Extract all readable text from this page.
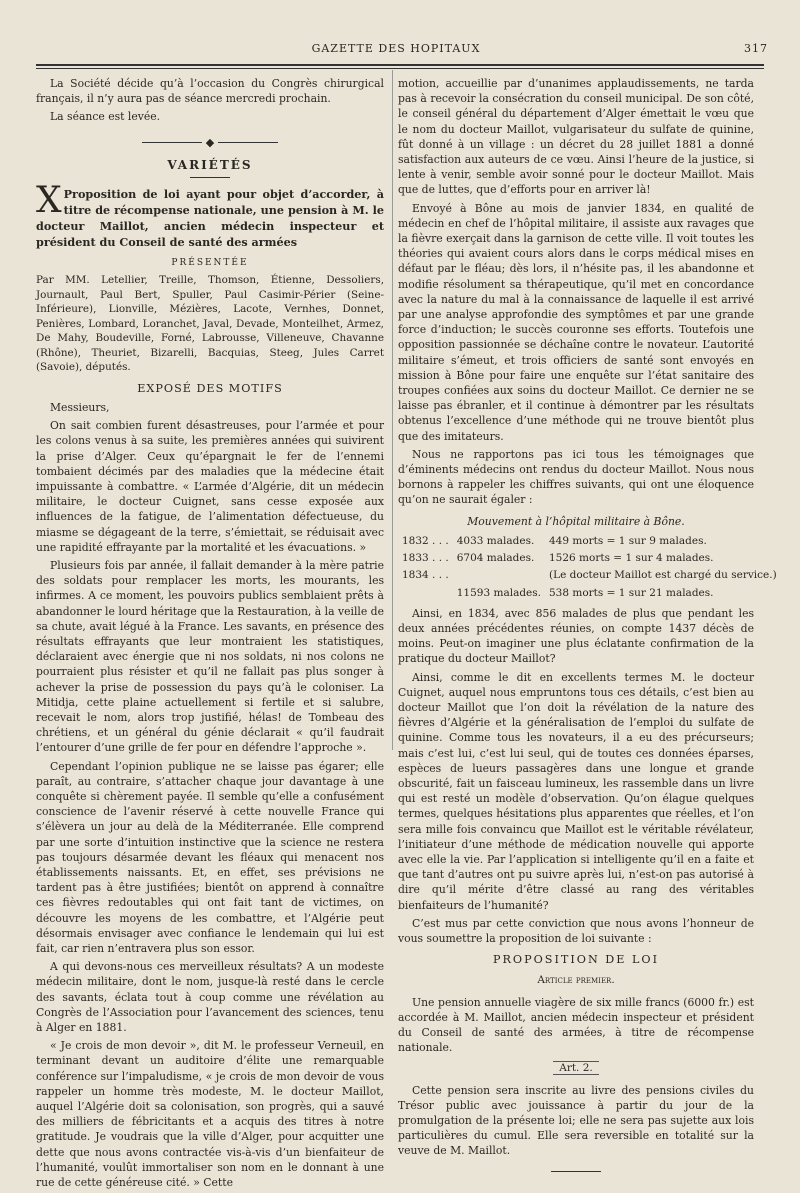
GAZETTE DES HOPITAUX	317

La Société décide qu’à l’occasion du Congrès chirurgical français, il n’y aura pas de séance mercredi prochain.

La séance est levée.

◆
VARIÉTÉS
X Proposition de loi ayant pour objet d’accorder, à titre de récompense nationale, une pension à M. le docteur Maillot, ancien médecin inspecteur et président du Conseil de santé des armées
PRÉSENTÉE

Par MM. Letellier, Treille, Thomson, Étienne, Dessoliers, Journault, Paul Bert, Spuller, Paul Casimir-Périer (Seine-Inférieure), Lionville, Mézières, Lacote, Vernhes, Donnet, Penières, Lombard, Loranchet, Javal, Devade, Monteilhet, Armez, De Mahy, Boudeville, Forné, Labrousse, Villeneuve, Chavanne (Rhône), Theuriet, Bizarelli, Bacquias, Steeg, Jules Carret (Savoie), députés.

EXPOSÉ DES MOTIFS

Messieurs,

On sait combien furent désastreuses, pour l’armée et pour les colons venus à sa suite, les premières années qui suivirent la prise d’Alger. Ceux qu’épargnait le fer de l’ennemi tombaient décimés par des maladies que la médecine était impuissante à combattre. « L’armée d’Algérie, dit un médecin militaire, le docteur Cuignet, sans cesse exposée aux influences de la fatigue, de l’alimentation défectueuse, du miasme se dégageant de la terre, s’émiettait, se réduisait avec une rapidité effrayante par la mortalité et les évacuations. »

Plusieurs fois par année, il fallait demander à la mère patrie des soldats pour remplacer les morts, les mourants, les infirmes. A ce moment, les pouvoirs publics semblaient prêts à abandonner le lourd héritage que la Restauration, à la veille de sa chute, avait légué à la France. Les savants, en présence des résultats effrayants que leur montraient les statistiques, déclaraient avec énergie que ni nos soldats, ni nos colons ne pourraient plus résister et qu’il ne fallait pas plus songer à achever la prise de possession du pays qu’à le coloniser. La Mitidja, cette plaine actuellement si fertile et si salubre, recevait le nom, alors trop justifié, hélas! de Tombeau des chrétiens, et un général du génie déclarait « qu’il faudrait l’entourer d’une grille de fer pour en défendre l’approche ».

Cependant l’opinion publique ne se laisse pas égarer; elle paraît, au contraire, s’attacher chaque jour davantage à une conquête si chèrement payée. Il semble qu’elle a confusément conscience de l’avenir réservé à cette nouvelle France qui s’élèvera un jour au delà de la Méditerranée. Elle comprend par une sorte d’intuition instinctive que la science ne restera pas toujours désarmée devant les fléaux qui menacent nos établissements naissants. Et, en effet, ses prévisions ne tardent pas à être justifiées; bientôt on apprend à connaître ces fièvres redoutables qui ont fait tant de victimes, on découvre les moyens de les combattre, et l’Algérie peut désormais envisager avec confiance le lendemain qui lui est fait, car rien n’entravera plus son essor.

A qui devons-nous ces merveilleux résultats? A un modeste médecin militaire, dont le nom, jusque-là resté dans le cercle des savants, éclata tout à coup comme une révélation au Congrès de l’Association pour l’avancement des sciences, tenu à Alger en 1881.

« Je crois de mon devoir », dit M. le professeur Verneuil, en terminant devant un auditoire d’élite une remarquable conférence sur l’impaludisme, « je crois de mon devoir de vous rappeler un homme très modeste, M. le docteur Maillot, auquel l’Algérie doit sa colonisation, son progrès, qui a sauvé des milliers de fébricitants et a acquis des titres à notre gratitude. Je voudrais que la ville d’Alger, pour acquitter une dette que nous avons contractée vis-à-vis d’un bienfaiteur de l’humanité, voulût immortaliser son nom en le donnant à une rue de cette généreuse cité. » Cette

motion, accueillie par d’unanimes applaudissements, ne tarda pas à recevoir la consécration du conseil municipal. De son côté, le conseil général du département d’Alger émettait le vœu que le nom du docteur Maillot, vulgarisateur du sulfate de quinine, fût donné à un village : un décret du 28 juillet 1881 a donné satisfaction aux auteurs de ce vœu. Ainsi l’heure de la justice, si lente à venir, semble avoir sonné pour le docteur Maillot. Mais que de luttes, que d’efforts pour en arriver là!

Envoyé à Bône au mois de janvier 1834, en qualité de médecin en chef de l’hôpital militaire, il assiste aux ravages que la fièvre exerçait dans la garnison de cette ville. Il voit toutes les théories qui avaient cours alors dans le corps médical mises en défaut par le fléau; dès lors, il n’hésite pas, il les abandonne et modifie résolument sa thérapeutique, qu’il met en concordance avec la nature du mal à la connaissance de laquelle il est arrivé par une analyse approfondie des symptômes et par une grande force d’induction; le succès couronne ses efforts. Toutefois une opposition passionnée se déchaîne contre le novateur. L’autorité militaire s’émeut, et trois officiers de santé sont envoyés en mission à Bône pour faire une enquête sur l’état sanitaire des troupes confiées aux soins du docteur Maillot. Ce dernier ne se laisse pas ébranler, et il continue à démontrer par les résultats obtenus l’excellence d’une méthode qui ne trouve bientôt plus que des imitateurs.

Nous ne rapportons pas ici tous les témoignages que d’éminents médecins ont rendus du docteur Maillot. Nous nous bornons à rappeler les chiffres suivants, qui ont une éloquence qu’on ne saurait égaler :

Mouvement à l’hôpital militaire à Bône.
1832 . . .	4033 malades.	449 morts = 1 sur 9 malades.
1833 . . .	6704 malades.	1526 morts = 1 sur 4 malades.
1834 . . .		(Le docteur Maillot est chargé du service.)
	11593 malades.	538 morts = 1 sur 21 malades.

Ainsi, en 1834, avec 856 malades de plus que pendant les deux années précédentes réunies, on compte 1437 décès de moins. Peut-on imaginer une plus éclatante confirmation de la pratique du docteur Maillot?

Ainsi, comme le dit en excellents termes M. le docteur Cuignet, auquel nous empruntons tous ces détails, c’est bien au docteur Maillot que l’on doit la révélation de la nature des fièvres d’Algérie et la généralisation de l’emploi du sulfate de quinine. Comme tous les novateurs, il a eu des précurseurs; mais c’est lui, c’est lui seul, qui de toutes ces données éparses, espèces de lueurs passagères dans une longue et grande obscurité, fait un faisceau lumineux, les rassemble dans un livre qui est resté un modèle d’observation. Qu’on élague quelques termes, quelques hésitations plus apparentes que réelles, et l’on sera mille fois convaincu que Maillot est le véritable révélateur, l’initiateur d’une méthode de médication nouvelle qui apporte avec elle la vie. Par l’application si intelligente qu’il en a faite et que tant d’autres ont pu suivre après lui, n’est-on pas autorisé à dire qu’il mérite d’être classé au rang des véritables bienfaiteurs de l’humanité?

C’est mus par cette conviction que nous avons l’honneur de vous soumettre la proposition de loi suivante :

PROPOSITION DE LOI
Article premier.

Une pension annuelle viagère de six mille francs (6000 fr.) est accordée à M. Maillot, ancien médecin inspecteur et président du Conseil de santé des armées, à titre de récompense nationale.

Art. 2.

Cette pension sera inscrite au livre des pensions civiles du Trésor public avec jouissance à partir du jour de la promulgation de la présente loi; elle ne sera pas sujette aux lois particulières du cumul. Elle sera reversible en totalité sur la veuve de M. Maillot.
